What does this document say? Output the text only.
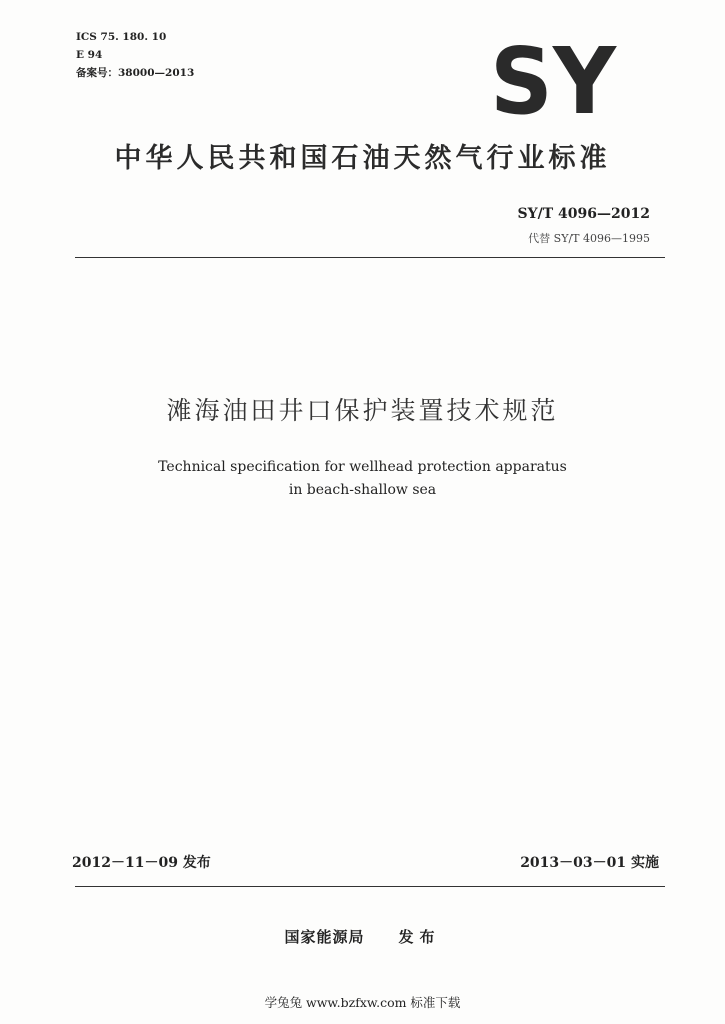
ICS 75. 180. 10
E 94
备案号：38000—2013	SY
中华人民共和国石油天然气行业标准
SY/T 4096—2012
代替 SY/T 4096—1995
滩海油田井口保护装置技术规范
Technical specification for wellhead protection apparatus
in beach-shallow sea
2012－11－09 发布	2013－03－01 实施
国家能源局 发布
学兔兔 www.bzfxw.com 标准下载
